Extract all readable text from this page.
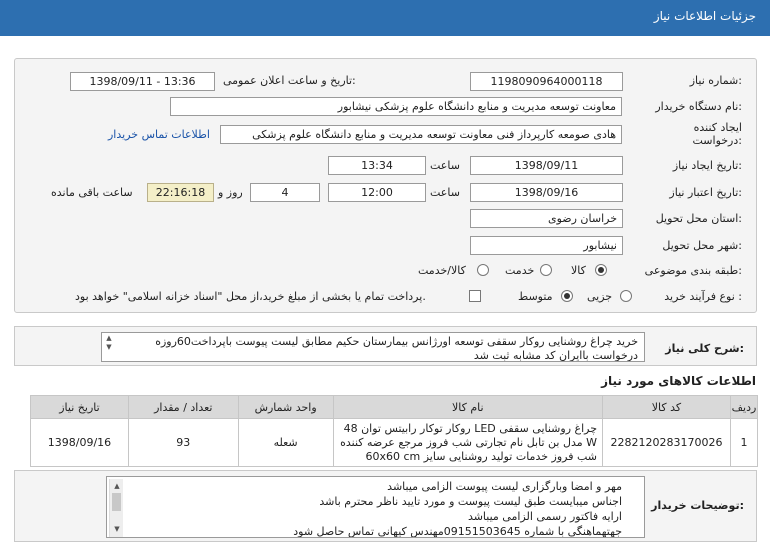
جزئیات اطلاعات نیاز
شماره نیاز:
1198090964000118
تاریخ و ساعت اعلان عمومی:
1398/09/11 - 13:36
نام دستگاه خریدار:
معاونت توسعه مدیریت و منابع دانشگاه علوم پزشکی نیشابور
ایجاد کننده
درخواست:
هادی صومعه کارپرداز فنی معاونت توسعه مدیریت و منابع دانشگاه علوم پزشکی
اطلاعات تماس خریدار
تاریخ ایجاد نیاز:
1398/09/11
ساعت
13:34
تاریخ اعتبار نیاز:
1398/09/16
ساعت
12:00
4
روز و
22:16:18
ساعت باقی مانده
استان محل تحویل:
خراسان رضوی
شهر محل تحویل:
نیشابور
طبقه بندی موضوعی:
کالا
خدمت
کالا/خدمت
نوع فرآیند خرید :
جزیی
متوسط
پرداخت تمام یا بخشی از مبلغ خرید،از محل "اسناد خزانه اسلامی" خواهد بود.
شرح کلی نیاز:
▲
▼	خرید چراغ روشنایی روکار سقفی توسعه اورژانس بیمارستان حکیم مطابق لیست پیوست باپرداخت60روزه درخواست باایران کد مشابه ثبت شد
اطلاعات کالاهای مورد نیاز
تاریخ نیاز	تعداد / مقدار	واحد شمارش	نام کالا	کد کالا	ردیف
1398/09/16	93	شعله	چراغ روشنایی سقفی LED روکار توکار رابیتس توان 48 W مدل بن تابل نام تجارتی شب فروز مرجع عرضه کننده شب فروز خدمات تولید روشنایی سایز 60x60 cm	2282120283170026	1
توضیحات خریدار:
▲
▼
مهر و امضا وبارگزاری لیست پیوست الزامی میباشد
اجناس میبایست طبق لیست پیوست و مورد تایید ناظر محترم باشد
ارایه فاکتور رسمی الزامی میباشد
جهتهماهنگی با شماره 09151503645مهندس کیهانی تماس حاصل شود
